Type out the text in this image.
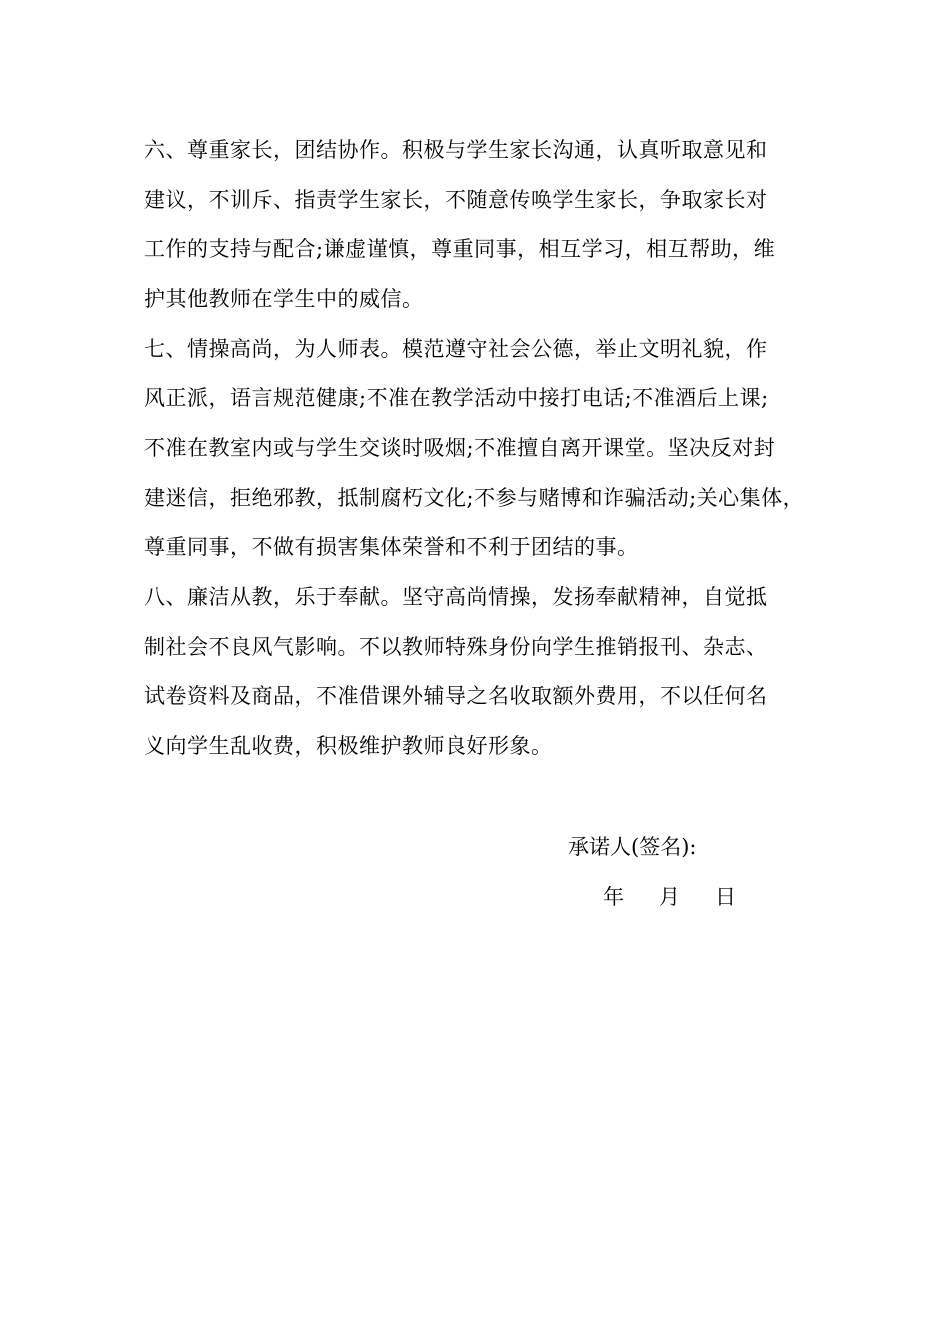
六、尊重家长，团结协作。积极与学生家长沟通，认真听取意见和
建议，不训斥、指责学生家长，不随意传唤学生家长，争取家长对
工作的支持与配合;谦虚谨慎，尊重同事，相互学习，相互帮助，维
护其他教师在学生中的威信。
七、情操高尚，为人师表。模范遵守社会公德，举止文明礼貌，作
风正派，语言规范健康;不准在教学活动中接打电话;不准酒后上课;
不准在教室内或与学生交谈时吸烟;不准擅自离开课堂。坚决反对封
建迷信，拒绝邪教，抵制腐朽文化;不参与赌博和诈骗活动;关心集体，
尊重同事，不做有损害集体荣誉和不利于团结的事。
八、廉洁从教，乐于奉献。坚守高尚情操，发扬奉献精神，自觉抵
制社会不良风气影响。不以教师特殊身份向学生推销报刊、杂志、
试卷资料及商品，不准借课外辅导之名收取额外费用，不以任何名
义向学生乱收费，积极维护教师良好形象。
承诺人(签名):
年 月 日
